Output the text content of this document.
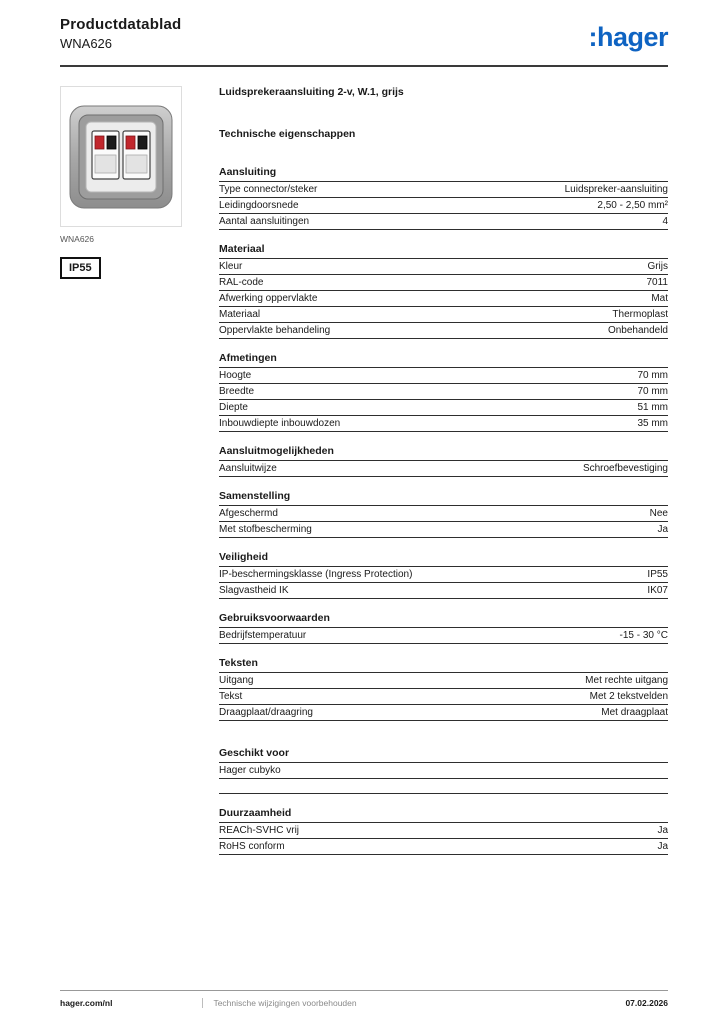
Productdatablad
WNA626	:hager
WNA626
IP55
Luidsprekeraansluiting 2-v, W.1, grijs
Technische eigenschappen
Aansluiting
Type connector/steker	Luidspreker-aansluiting
Leidingdoorsnede	2,50 - 2,50 mm²
Aantal aansluitingen	4
Materiaal
Kleur	Grijs
RAL-code	7011
Afwerking oppervlakte	Mat
Materiaal	Thermoplast
Oppervlakte behandeling	Onbehandeld
Afmetingen
Hoogte	70 mm
Breedte	70 mm
Diepte	51 mm
Inbouwdiepte inbouwdozen	35 mm
Aansluitmogelijkheden
Aansluitwijze	Schroefbevestiging
Samenstelling
Afgeschermd	Nee
Met stofbescherming	Ja
Veiligheid
IP-beschermingsklasse (Ingress Protection)	IP55
Slagvastheid IK	IK07
Gebruiksvoorwaarden
Bedrijfstemperatuur	-15 - 30 °C
Teksten
Uitgang	Met rechte uitgang
Tekst	Met 2 tekstvelden
Draagplaat/draagring	Met draagplaat
Geschikt voor
Hager cubyko
Duurzaamheid
REACh-SVHC vrij	Ja
RoHS conform	Ja
hager.com/nl	Technische wijzigingen voorbehouden	07.02.2026
